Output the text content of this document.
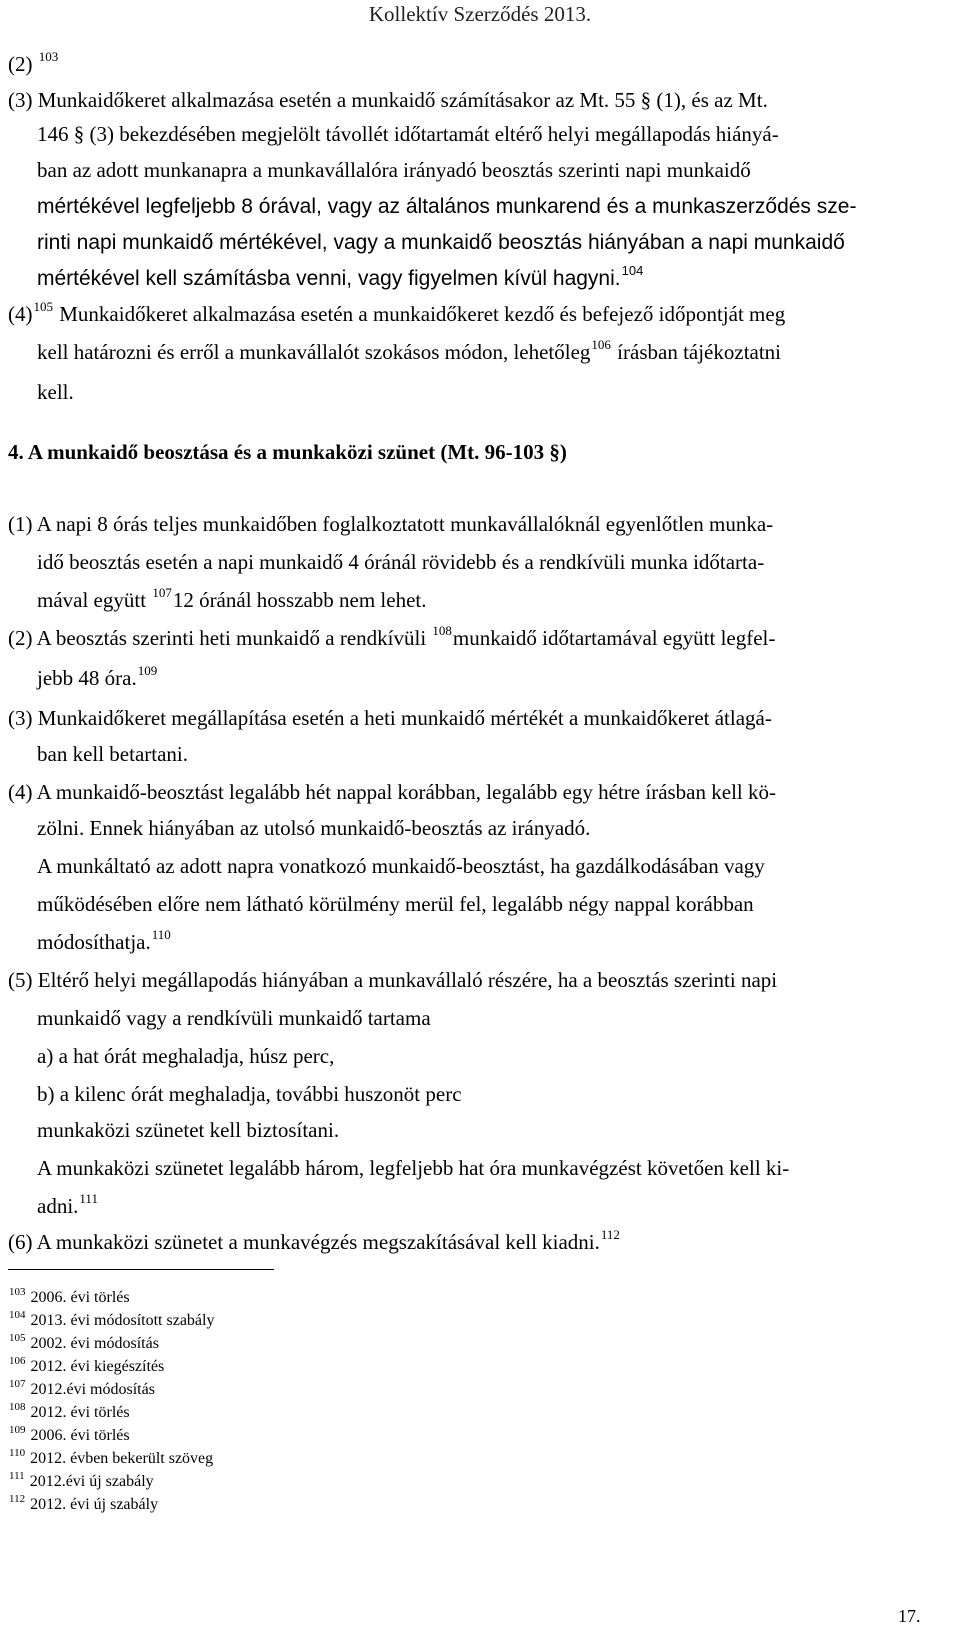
Kollektív Szerződés 2013.
(2) $^{103}$
(3) Munkaidőkeret alkalmazása esetén a munkaidő számításakor az Mt. 55 § (1), és az Mt.
146 § (3) bekezdésében megjelölt távollét időtartamát eltérő helyi megállapodás hiányá-
ban az adott munkanapra a munkavállalóra irányadó beosztás szerinti napi munkaidő
mértékével legfeljebb 8 órával, vagy az általános munkarend és a munkaszerződés sze-
rinti napi munkaidő mértékével, vagy a munkaidő beosztás hiányában a napi munkaidő
mértékével kell számításba venni, vagy figyelmen kívül hagyni.$^{104}$
$(4)^{105}$ Munkaidőkeret alkalmazása esetén a munkaidőkeret kezdő és befejező időpontját meg
kell határozni és erről a munkavállalót szokásos módon, lehetőleg$^{106}$ írásban tájékoztatni
kell.
4. A munkaidő beosztása és a munkaközi szünet (Mt. 96-103 §)
(1) A napi 8 órás teljes munkaidőben foglalkoztatott munkavállalóknál egyenlőtlen munka-
idő beosztás esetén a napi munkaidő 4 óránál rövidebb és a rendkívüli munka időtarta-
mával együtt $^{107}$12 óránál hosszabb nem lehet.
(2) A beosztás szerinti heti munkaidő a rendkívüli $^{108}$munkaidő időtartamával együtt legfel-
jebb 48 óra.$^{109}$
(3) Munkaidőkeret megállapítása esetén a heti munkaidő mértékét a munkaidőkeret átlagá-
ban kell betartani.
(4) A munkaidő-beosztást legalább hét nappal korábban, legalább egy hétre írásban kell kö-
zölni. Ennek hiányában az utolsó munkaidő-beosztás az irányadó.
A munkáltató az adott napra vonatkozó munkaidő-beosztást, ha gazdálkodásában vagy
működésében előre nem látható körülmény merül fel, legalább négy nappal korábban
módosíthatja.$^{110}$
(5) Eltérő helyi megállapodás hiányában a munkavállaló részére, ha a beosztás szerinti napi
munkaidő vagy a rendkívüli munkaidő tartama
a) a hat órát meghaladja, húsz perc,
b) a kilenc órát meghaladja, további huszonöt perc
munkaközi szünetet kell biztosítani.
A munkaközi szünetet legalább három, legfeljebb hat óra munkavégzést követően kell ki-
adni.$^{111}$
(6) A munkaközi szünetet a munkavégzés megszakításával kell kiadni.$^{112}$
$^{103}$ 2006. évi törlés
$^{104}$ 2013. évi módosított szabály
$^{105}$ 2002. évi módosítás
$^{106}$ 2012. évi kiegészítés
$^{107}$ 2012.évi módosítás
$^{108}$ 2012. évi törlés
$^{109}$ 2006. évi törlés
$^{110}$ 2012. évben bekerült szöveg
$^{111}$ 2012.évi új szabály
$^{112}$ 2012. évi új szabály
17.
